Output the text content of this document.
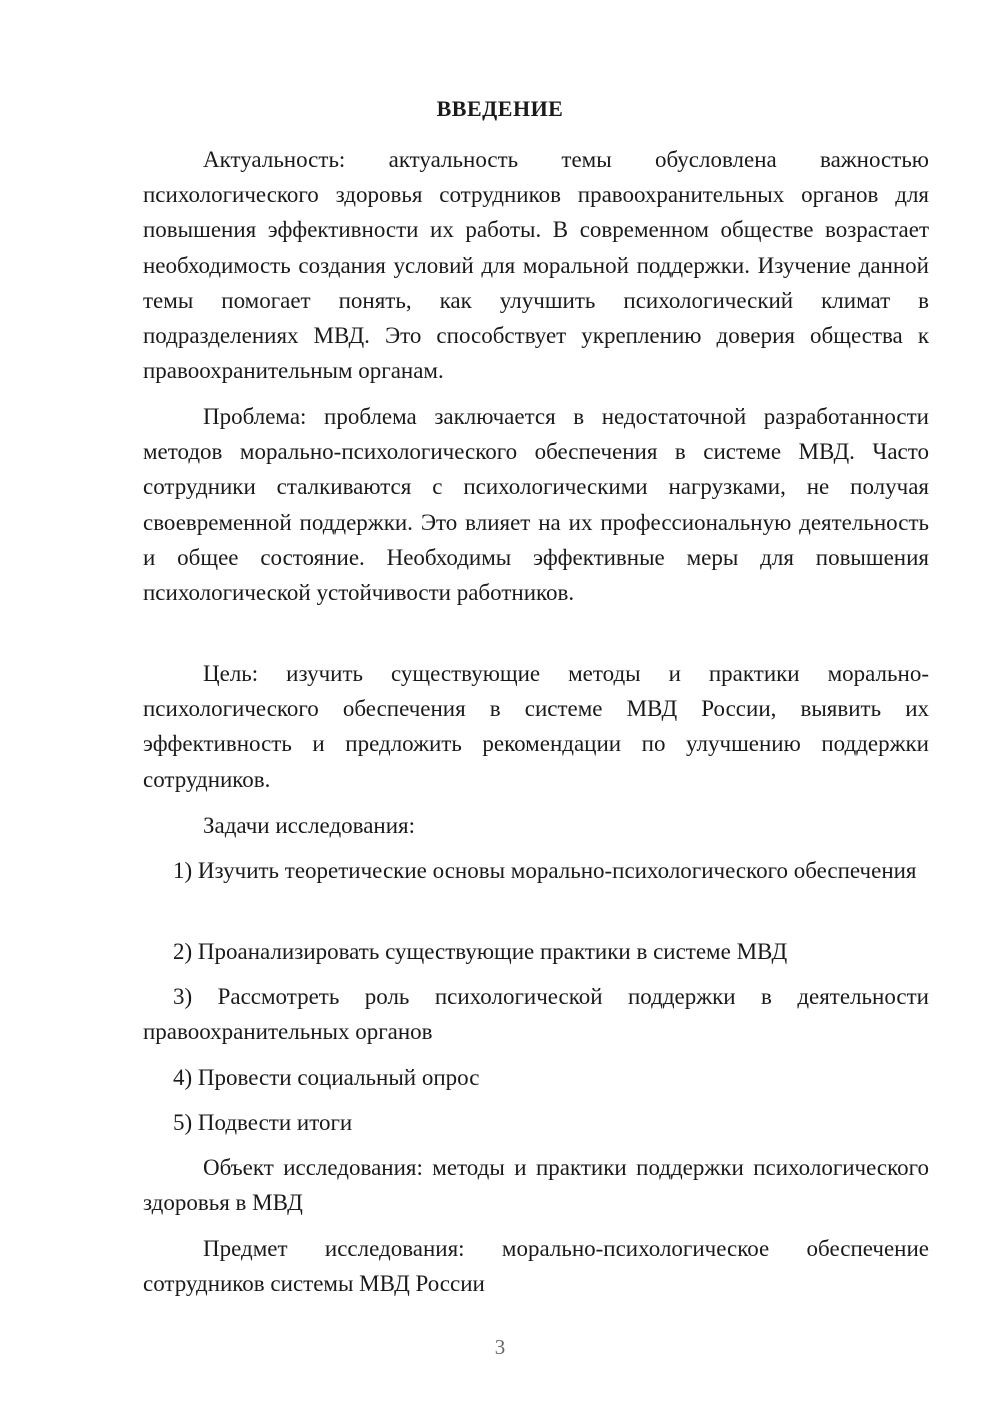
ВВЕДЕНИЕ

Актуальность: актуальность темы обусловлена важностью психологического здоровья сотрудников правоохранительных органов для повышения эффективности их работы. В современном обществе возрастает необходимость создания условий для моральной поддержки. Изучение данной темы помогает понять, как улучшить психологический климат в подразделениях МВД. Это способствует укреплению доверия общества к правоохранительным органам.

Проблема: проблема заключается в недостаточной разработанности методов морально-психологического обеспечения в системе МВД. Часто сотрудники сталкиваются с психологическими нагрузками, не получая своевременной поддержки. Это влияет на их профессиональную деятельность и общее состояние. Необходимы эффективные меры для повышения психологической устойчивости работников.

Цель: изучить существующие методы и практики морально-психологического обеспечения в системе МВД России, выявить их эффективность и предложить рекомендации по улучшению поддержки сотрудников.

Задачи исследования:

1) Изучить теоретические основы морально-психологического обеспечения

2) Проанализировать существующие практики в системе МВД

3) Рассмотреть роль психологической поддержки в деятельности правоохранительных органов

4) Провести социальный опрос

5) Подвести итоги

Объект исследования: методы и практики поддержки психологического здоровья в МВД

Предмет исследования: морально-психологическое обеспечение сотрудников системы МВД России

3
